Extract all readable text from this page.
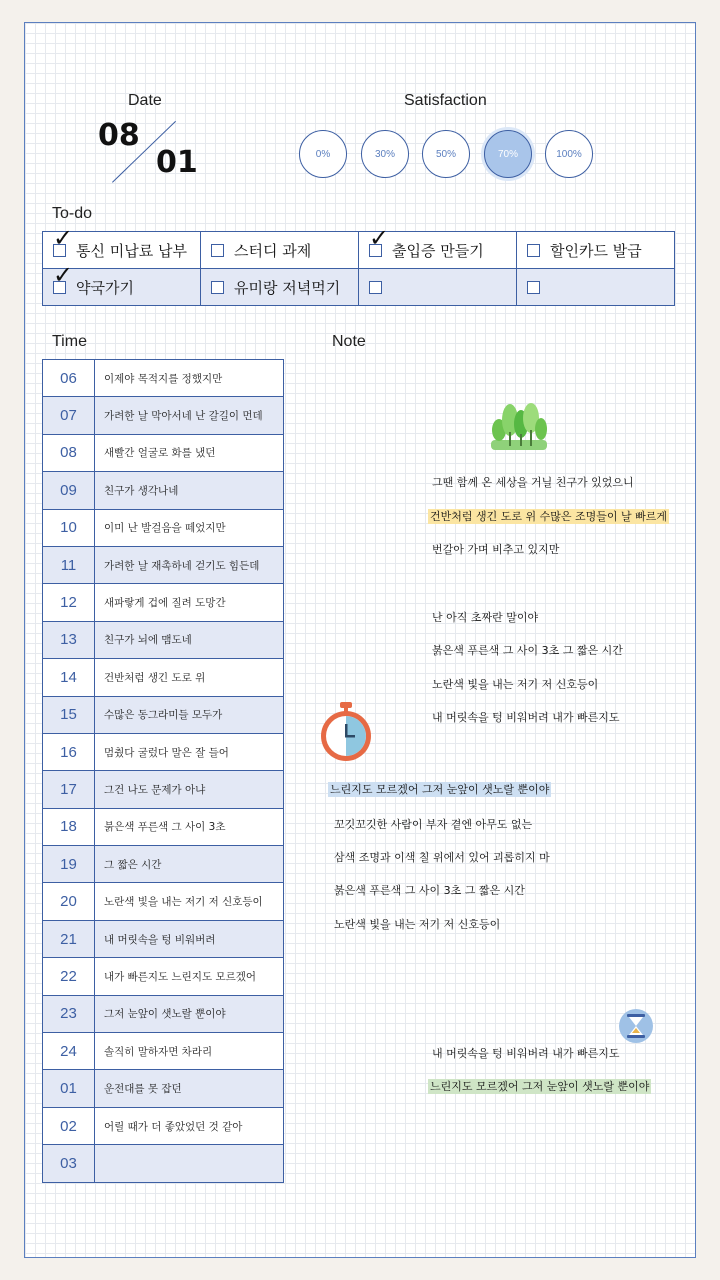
Date
08
01
Satisfaction
0%	30%	50%	70%	100%
To-do
✓ 통신 미납료 납부	스터디 과제	✓ 출입증 만들기	할인카드 발급

✓ 약국가기	유미랑 저녁먹기		

Time
06	이제야 목적지를 정했지만
07	가려한 날 막아서네 난 갈길이 먼데
08	새빨간 얼굴로 화를 냈던
09	친구가 생각나네
10	이미 난 발걸음을 떼었지만
11	가려한 날 재촉하네 걷기도 힘든데
12	새파랗게 겁에 질려 도망간
13	친구가 뇌에 맴도네
14	건반처럼 생긴 도로 위
15	수많은 동그라미들 모두가
16	멈췄다 굴렀다 말은 잘 들어
17	그건 나도 문제가 아냐
18	붉은색 푸른색 그 사이 3초
19	그 짧은 시간
20	노란색 빛을 내는 저기 저 신호등이
21	내 머릿속을 텅 비워버려
22	내가 빠른지도 느린지도 모르겠어
23	그저 눈앞이 샛노랄 뿐이야
24	솔직히 말하자면 차라리
01	운전대를 못 잡던
02	어릴 때가 더 좋았었던 것 같아
03	
Note
그땐 함께 온 세상을 거닐 친구가 있었으니
건반처럼 생긴 도로 위 수많은 조명들이 날 빠르게
번갈아 가며 비추고 있지만
난 아직 초짜란 말이야
붉은색 푸른색 그 사이 3초 그 짧은 시간
노란색 빛을 내는 저기 저 신호등이
내 머릿속을 텅 비워버려 내가 빠른지도
느린지도 모르겠어 그저 눈앞이 샛노랄 뿐이야
꼬깃꼬깃한 사람이 부자 곁엔 아무도 없는
삼색 조명과 이색 칠 위에서 있어 괴롭히지 마
붉은색 푸른색 그 사이 3초 그 짧은 시간
노란색 빛을 내는 저기 저 신호등이
내 머릿속을 텅 비워버려 내가 빠른지도
느린지도 모르겠어 그저 눈앞이 샛노랄 뿐이야
